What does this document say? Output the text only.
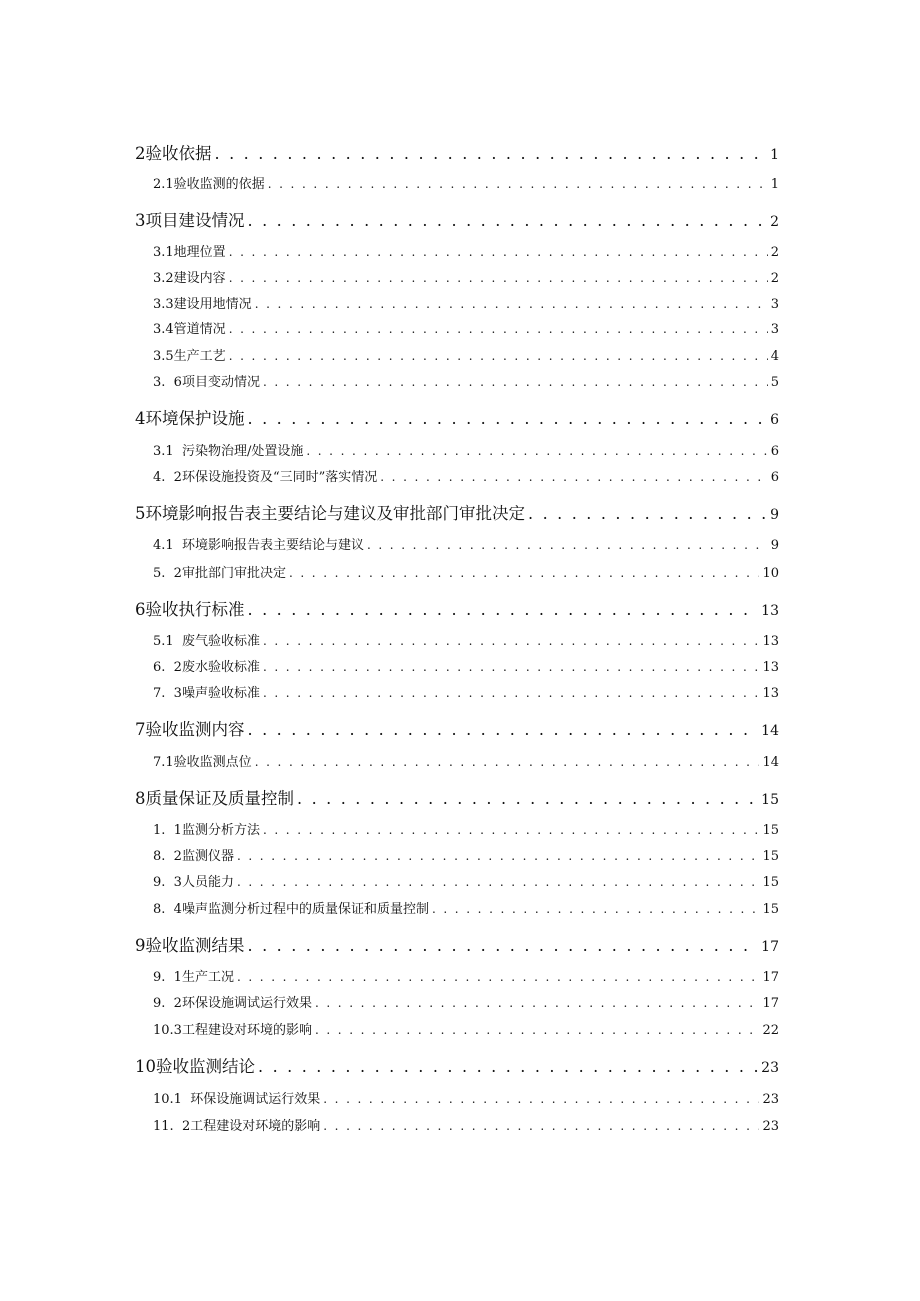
2验收依据 . . .	1
2.1验收监测的依据 . . .	1
3项目建设情况 . . .	2
3.1地理位置 . . .	2
3.2建设内容 . . .	2
3.3建设用地情况 . . .	3
3.4管道情况 . . .	3
3.5生产工艺 . . .	4
3.  6项目变动情况 . . .	5
4环境保护设施 . . .	6
3.1  污染物治理/处置设施 . . .	6
4.  2环保设施投资及“三同时”落实情况 . . .	6
5环境影响报告表主要结论与建议及审批部门审批决定 . . .	9
4.1  环境影响报告表主要结论与建议 . . .	9
5.  2审批部门审批决定 . . .	10
6验收执行标准 . . .	13
5.1  废气验收标准 . . .	13
6.  2废水验收标准 . . .	13
7.  3噪声验收标准 . . .	13
7验收监测内容 . . .	14
7.1验收监测点位 . . .	14
8质量保证及质量控制 . . .	15
1.  1监测分析方法 . . .	15
8.  2监测仪器 . . .	15
9.  3人员能力 . . .	15
8.  4噪声监测分析过程中的质量保证和质量控制 . . .	15
9验收监测结果 . . .	17
9.  1生产工况 . . .	17
9.  2环保设施调试运行效果 . . .	17
10.3工程建设对环境的影响 . . .	22
10验收监测结论 . . .	23
10.1  环保设施调试运行效果 . . .	23
11.  2工程建设对环境的影响 . . .	23
